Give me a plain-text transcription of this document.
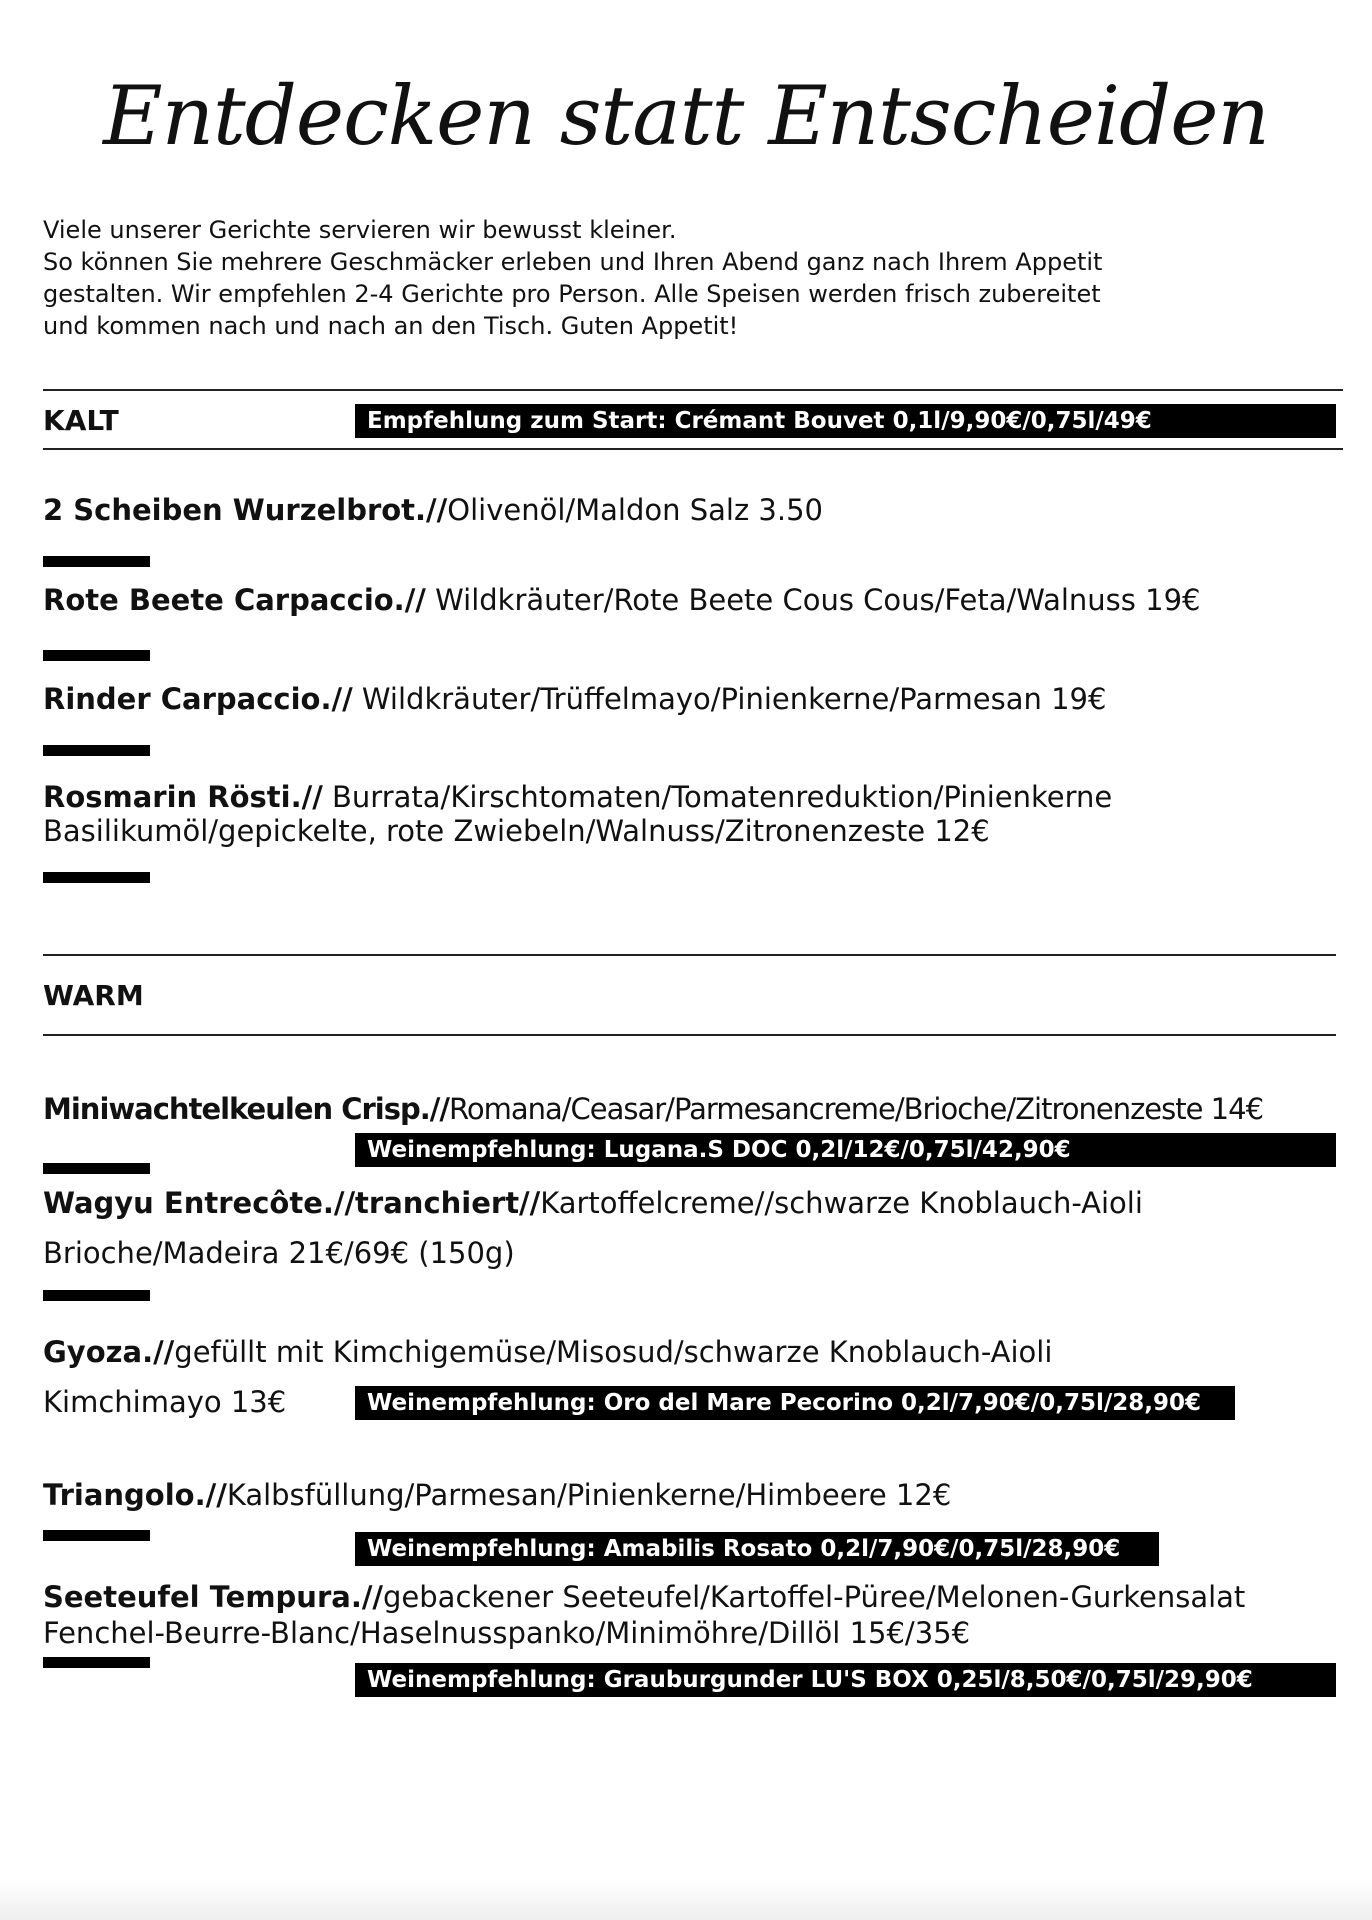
Entdecken statt Entscheiden
Viele unserer Gerichte servieren wir bewusst kleiner.
So können Sie mehrere Geschmäcker erleben und Ihren Abend ganz nach Ihrem Appetit
gestalten. Wir empfehlen 2-4 Gerichte pro Person. Alle Speisen werden frisch zubereitet
und kommen nach und nach an den Tisch. Guten Appetit!
KALT	Empfehlung zum Start: Crémant Bouvet 0,1l/9,90€/0,75l/49€
2 Scheiben Wurzelbrot.//Olivenöl/Maldon Salz 3.50
Rote Beete Carpaccio.// Wildkräuter/Rote Beete Cous Cous/Feta/Walnuss 19€
Rinder Carpaccio.// Wildkräuter/Trüffelmayo/Pinienkerne/Parmesan 19€
Rosmarin Rösti.// Burrata/Kirschtomaten/Tomatenreduktion/Pinienkerne
Basilikumöl/gepickelte, rote Zwiebeln/Walnuss/Zitronenzeste 12€
WARM
Miniwachtelkeulen Crisp.//Romana/Ceasar/Parmesancreme/Brioche/Zitronenzeste 14€
Weinempfehlung: Lugana.S DOC 0,2l/12€/0,75l/42,90€
Wagyu Entrecôte.//tranchiert//Kartoffelcreme//schwarze Knoblauch-Aioli
Brioche/Madeira 21€/69€ (150g)
Gyoza.//gefüllt mit Kimchigemüse/Misosud/schwarze Knoblauch-Aioli
Kimchimayo 13€	Weinempfehlung: Oro del Mare Pecorino 0,2l/7,90€/0,75l/28,90€
Triangolo.//Kalbsfüllung/Parmesan/Pinienkerne/Himbeere 12€
Weinempfehlung: Amabilis Rosato 0,2l/7,90€/0,75l/28,90€
Seeteufel Tempura.//gebackener Seeteufel/Kartoffel-Püree/Melonen-Gurkensalat
Fenchel-Beurre-Blanc/Haselnusspanko/Minimöhre/Dillöl 15€/35€
Weinempfehlung: Grauburgunder LU'S BOX 0,25l/8,50€/0,75l/29,90€
